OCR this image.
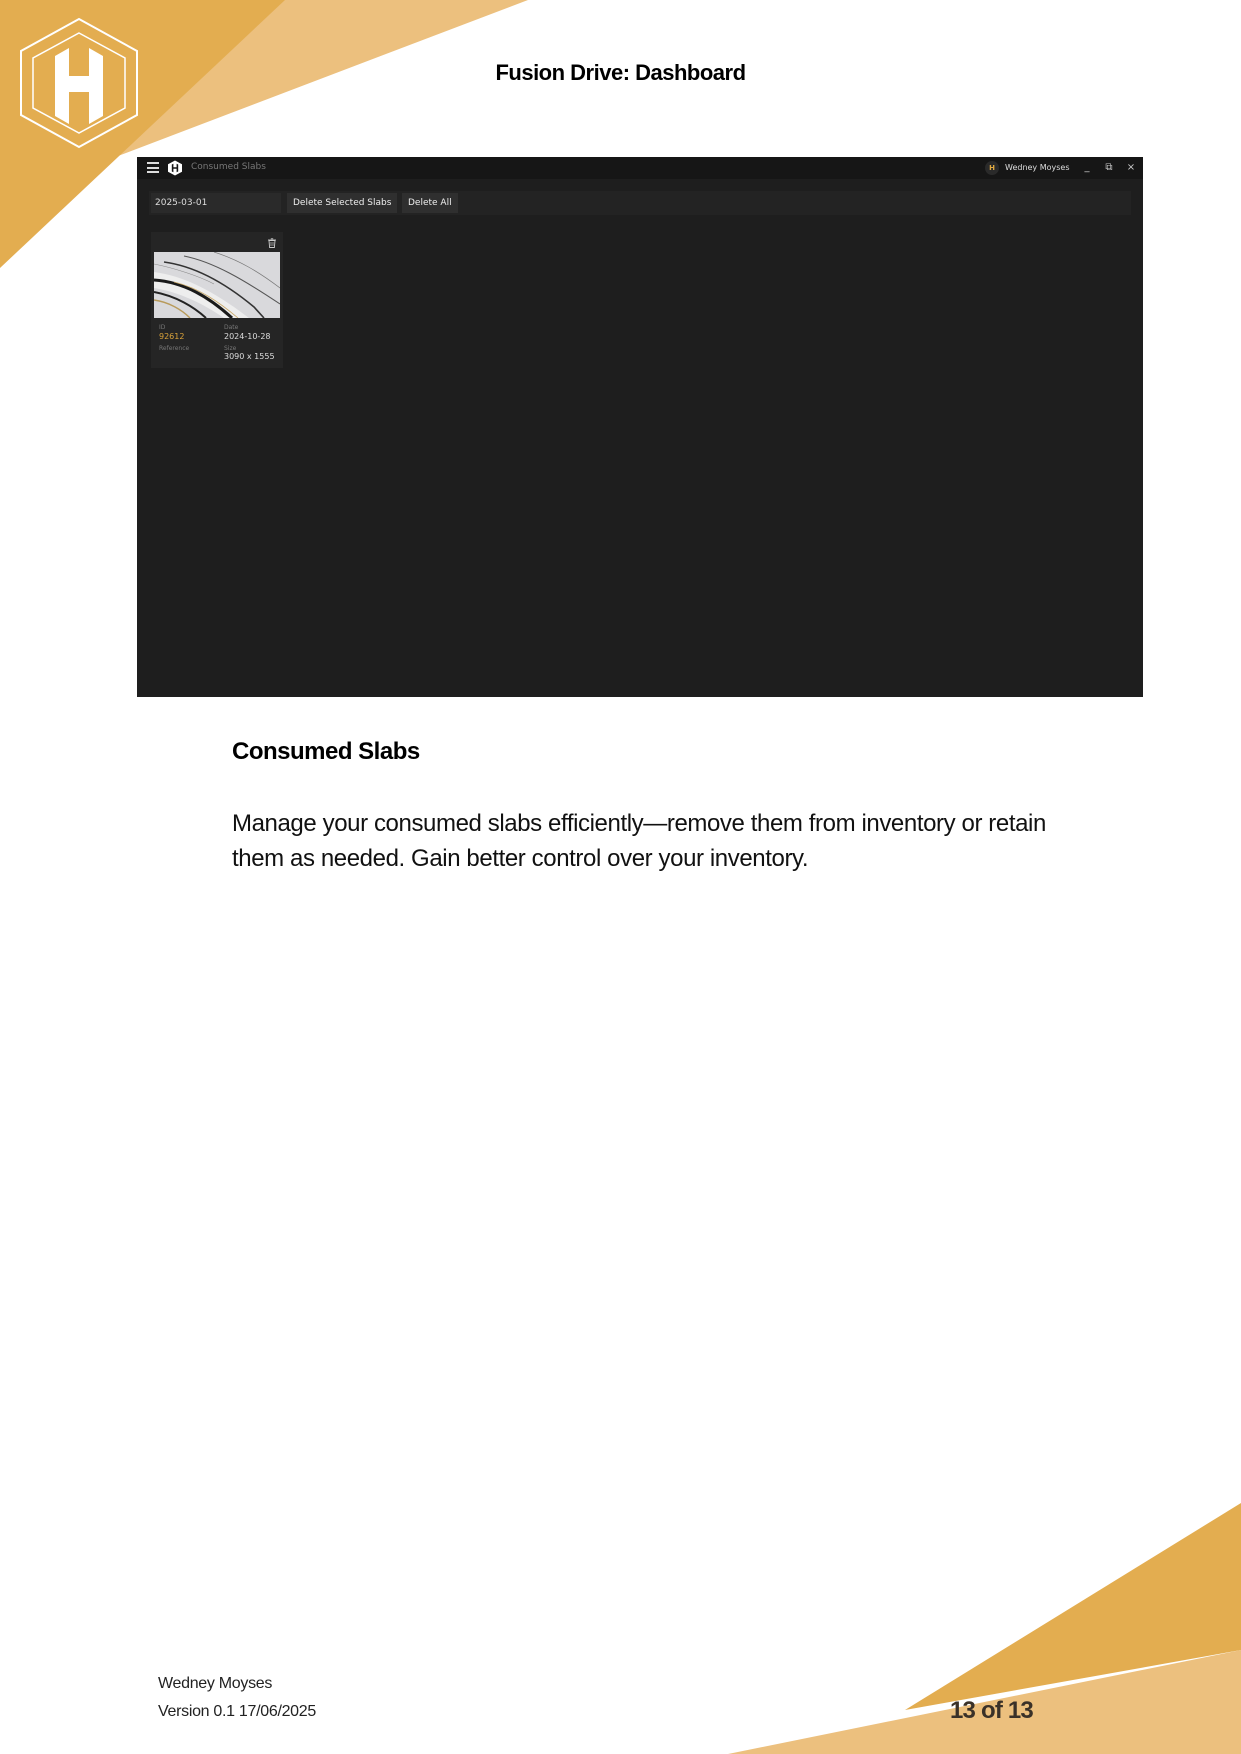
Fusion Drive: Dashboard
Consumed Slabs	H	Wedney Moyses	_	⧉	×
2025-03-01
Delete Selected Slabs	Delete All
ID
92612
Date
2024-10-28
Reference	Size
3090 x 1555
Consumed Slabs
Manage your consumed slabs efficiently—remove them from inventory or retain them as needed. Gain better control over your inventory.
Wedney Moyses
Version 0.1 17/06/2025	13 of 13
